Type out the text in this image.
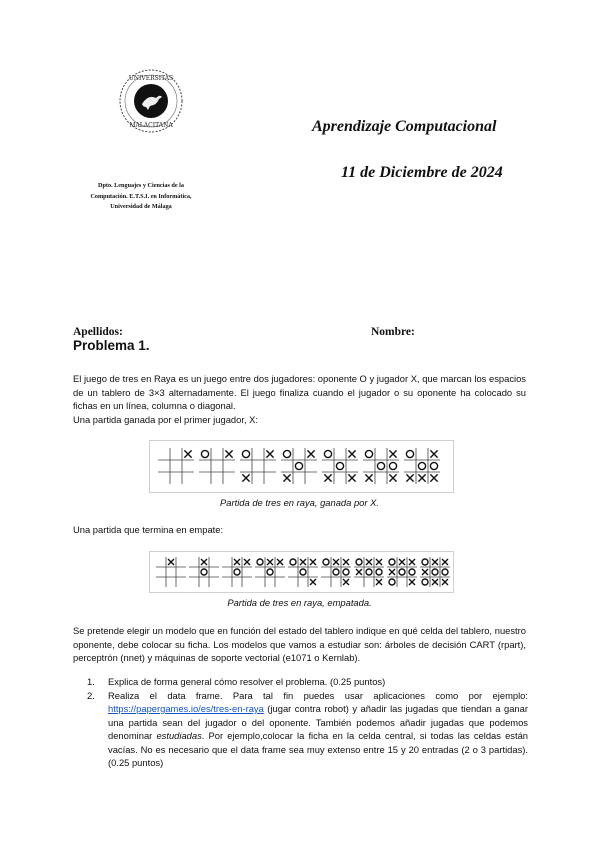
UNIVERSITAS
MALACITANA
Dpto. Lenguajes y Ciencias de la
Computación. E.T.S.I. en Informática,
Universidad de Málaga
Aprendizaje Computacional
11 de Diciembre de 2024
Apellidos:	Nombre:
Problema 1.
El juego de tres en Raya es un juego entre dos jugadores: oponente O y jugador X, que marcan los espacios de un tablero de 3×3 alternadamente. El juego finaliza cuando el jugador o su oponente ha colocado su fichas en un línea, columna o diagonal.
Una partida ganada por el primer jugador, X:
Partida de tres en raya, ganada por X.
Una partida que termina en empate:
Partida de tres en raya, empatada.
Se pretende elegir un modelo que en función del estado del tablero indique en qué celda del tablero, nuestro oponente, debe colocar su ficha. Los modelos que vamos a estudiar son: árboles de decisión CART (rpart), perceptrón (nnet) y máquinas de soporte vectorial (e1071 o Kernlab).
1. Explica de forma general cómo resolver el problema. (0.25 puntos)
2. Realiza el data frame. Para tal fin puedes usar aplicaciones como por ejemplo: https://papergames.io/es/tres-en-raya (jugar contra robot) y añadir las jugadas que tiendan a ganar una partida sean del jugador o del oponente. También podemos añadir jugadas que podemos denominar estudiadas. Por ejemplo,colocar la ficha en la celda central, si todas las celdas están vacías. No es necesario que el data frame sea muy extenso entre 15 y 20 entradas (2 o 3 partidas). (0.25 puntos)
